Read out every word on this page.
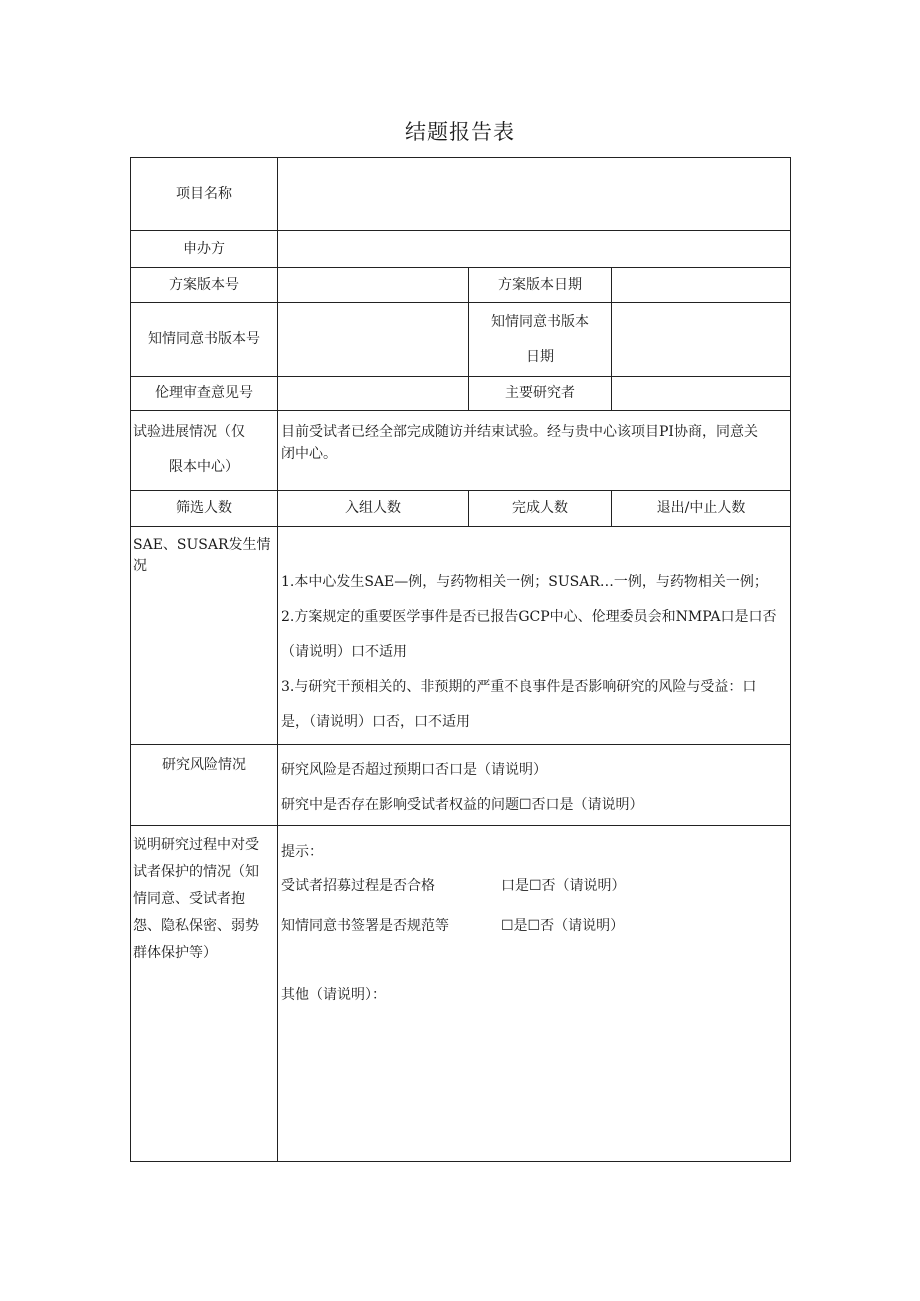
结题报告表
项目名称			
申办方			
方案版本号		方案版本日期	
知情同意书版本号		知情同意书版本
日期	

伦理审查意见号		主要研究者	

试验进展情况（仅
限本中心）	目前受试者已经全部完成随访并结束试验。经与贵中心该项目PI协商，同意关
闭中心。		

筛选人数	入组人数	完成人数	退出/中止人数
SAE、SUSAR发生情况	1.本中心发生SAE—例，与药物相关一例；SUSAR…一例，与药物相关一例；
2.方案规定的重要医学事件是否已报告GCP中心、伦理委员会和NMPA口是口否
（请说明）口不适用
3.与研究干预相关的、非预期的严重不良事件是否影响研究的风险与受益：口
是，（请说明）口否，口不适用		

研究风险情况	研究风险是否超过预期口否口是（请说明）
研究中是否存在影响受试者权益的问题☐否口是（请说明）		

说明研究过程中对受
试者保护的情况（知
情同意、受试者抱
怨、隐私保密、弱势
群体保护等）	提示：
受试者招募过程是否合格 口是☐否（请说明）
知情同意书签署是否规范等 ☐是☐否（请说明）
其他（请说明）：		
